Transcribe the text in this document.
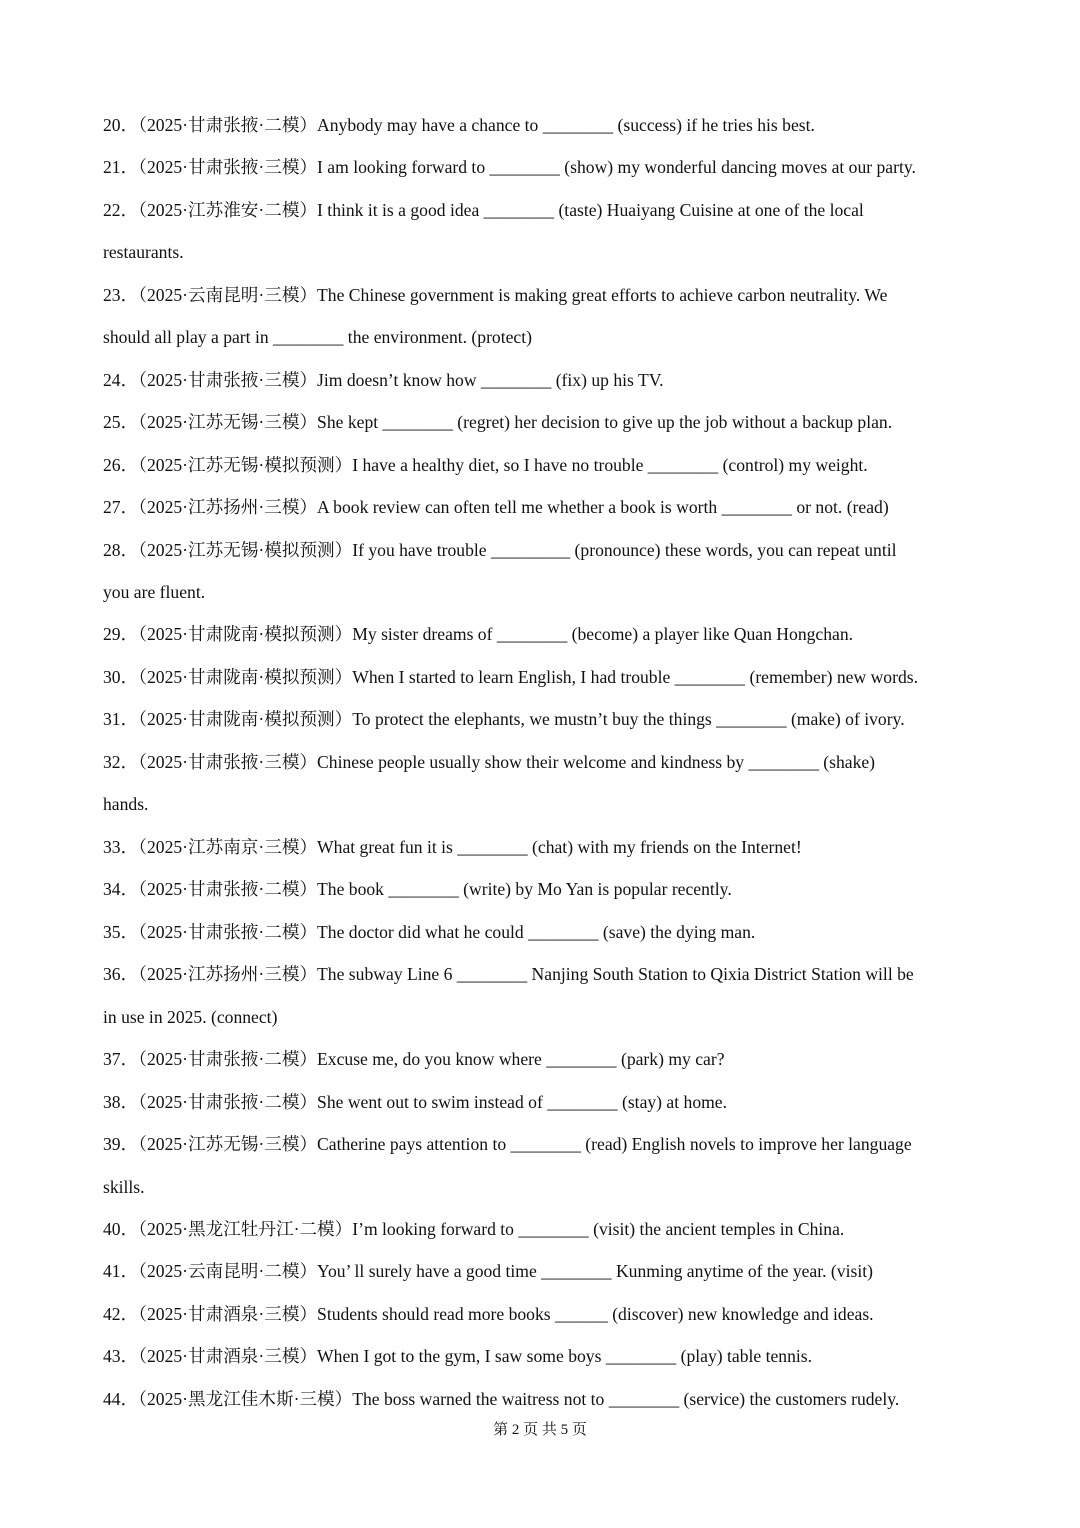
20．（2025·甘肃张掖·二模）Anybody may have a chance to ________ (success) if he tries his best.
21．（2025·甘肃张掖·三模）I am looking forward to ________ (show) my wonderful dancing moves at our party.
22．（2025·江苏淮安·二模）I think it is a good idea ________ (taste) Huaiyang Cuisine at one of the local
restaurants.
23．（2025·云南昆明·三模）The Chinese government is making great efforts to achieve carbon neutrality. We
should all play a part in ________ the environment. (protect)
24．（2025·甘肃张掖·三模）Jim doesn’t know how ________ (fix) up his TV.
25．（2025·江苏无锡·三模）She kept ________ (regret) her decision to give up the job without a backup plan.
26．（2025·江苏无锡·模拟预测）I have a healthy diet, so I have no trouble ________ (control) my weight.
27．（2025·江苏扬州·三模）A book review can often tell me whether a book is worth ________ or not. (read)
28．（2025·江苏无锡·模拟预测）If you have trouble _________ (pronounce) these words, you can repeat until
you are fluent.
29．（2025·甘肃陇南·模拟预测）My sister dreams of ________ (become) a player like Quan Hongchan.
30．（2025·甘肃陇南·模拟预测）When I started to learn English, I had trouble ________ (remember) new words.
31．（2025·甘肃陇南·模拟预测）To protect the elephants, we mustn’t buy the things ________ (make) of ivory.
32．（2025·甘肃张掖·三模）Chinese people usually show their welcome and kindness by ________ (shake)
hands.
33．（2025·江苏南京·三模）What great fun it is ________ (chat) with my friends on the Internet!
34．（2025·甘肃张掖·二模）The book ________ (write) by Mo Yan is popular recently.
35．（2025·甘肃张掖·二模）The doctor did what he could ________ (save) the dying man.
36．（2025·江苏扬州·三模）The subway Line 6 ________ Nanjing South Station to Qixia District Station will be
in use in 2025. (connect)
37．（2025·甘肃张掖·二模）Excuse me, do you know where ________ (park) my car?
38．（2025·甘肃张掖·二模）She went out to swim instead of ________ (stay) at home.
39．（2025·江苏无锡·三模）Catherine pays attention to ________ (read) English novels to improve her language
skills.
40．（2025·黑龙江牡丹江·二模）I’m looking forward to ________ (visit) the ancient temples in China.
41．（2025·云南昆明·二模）You’ ll surely have a good time ________ Kunming anytime of the year. (visit)
42．（2025·甘肃酒泉·三模）Students should read more books ______ (discover) new knowledge and ideas.
43．（2025·甘肃酒泉·三模）When I got to the gym, I saw some boys ________ (play) table tennis.
44．（2025·黑龙江佳木斯·三模）The boss warned the waitress not to ________ (service) the customers rudely.
第 2 页 共 5 页
